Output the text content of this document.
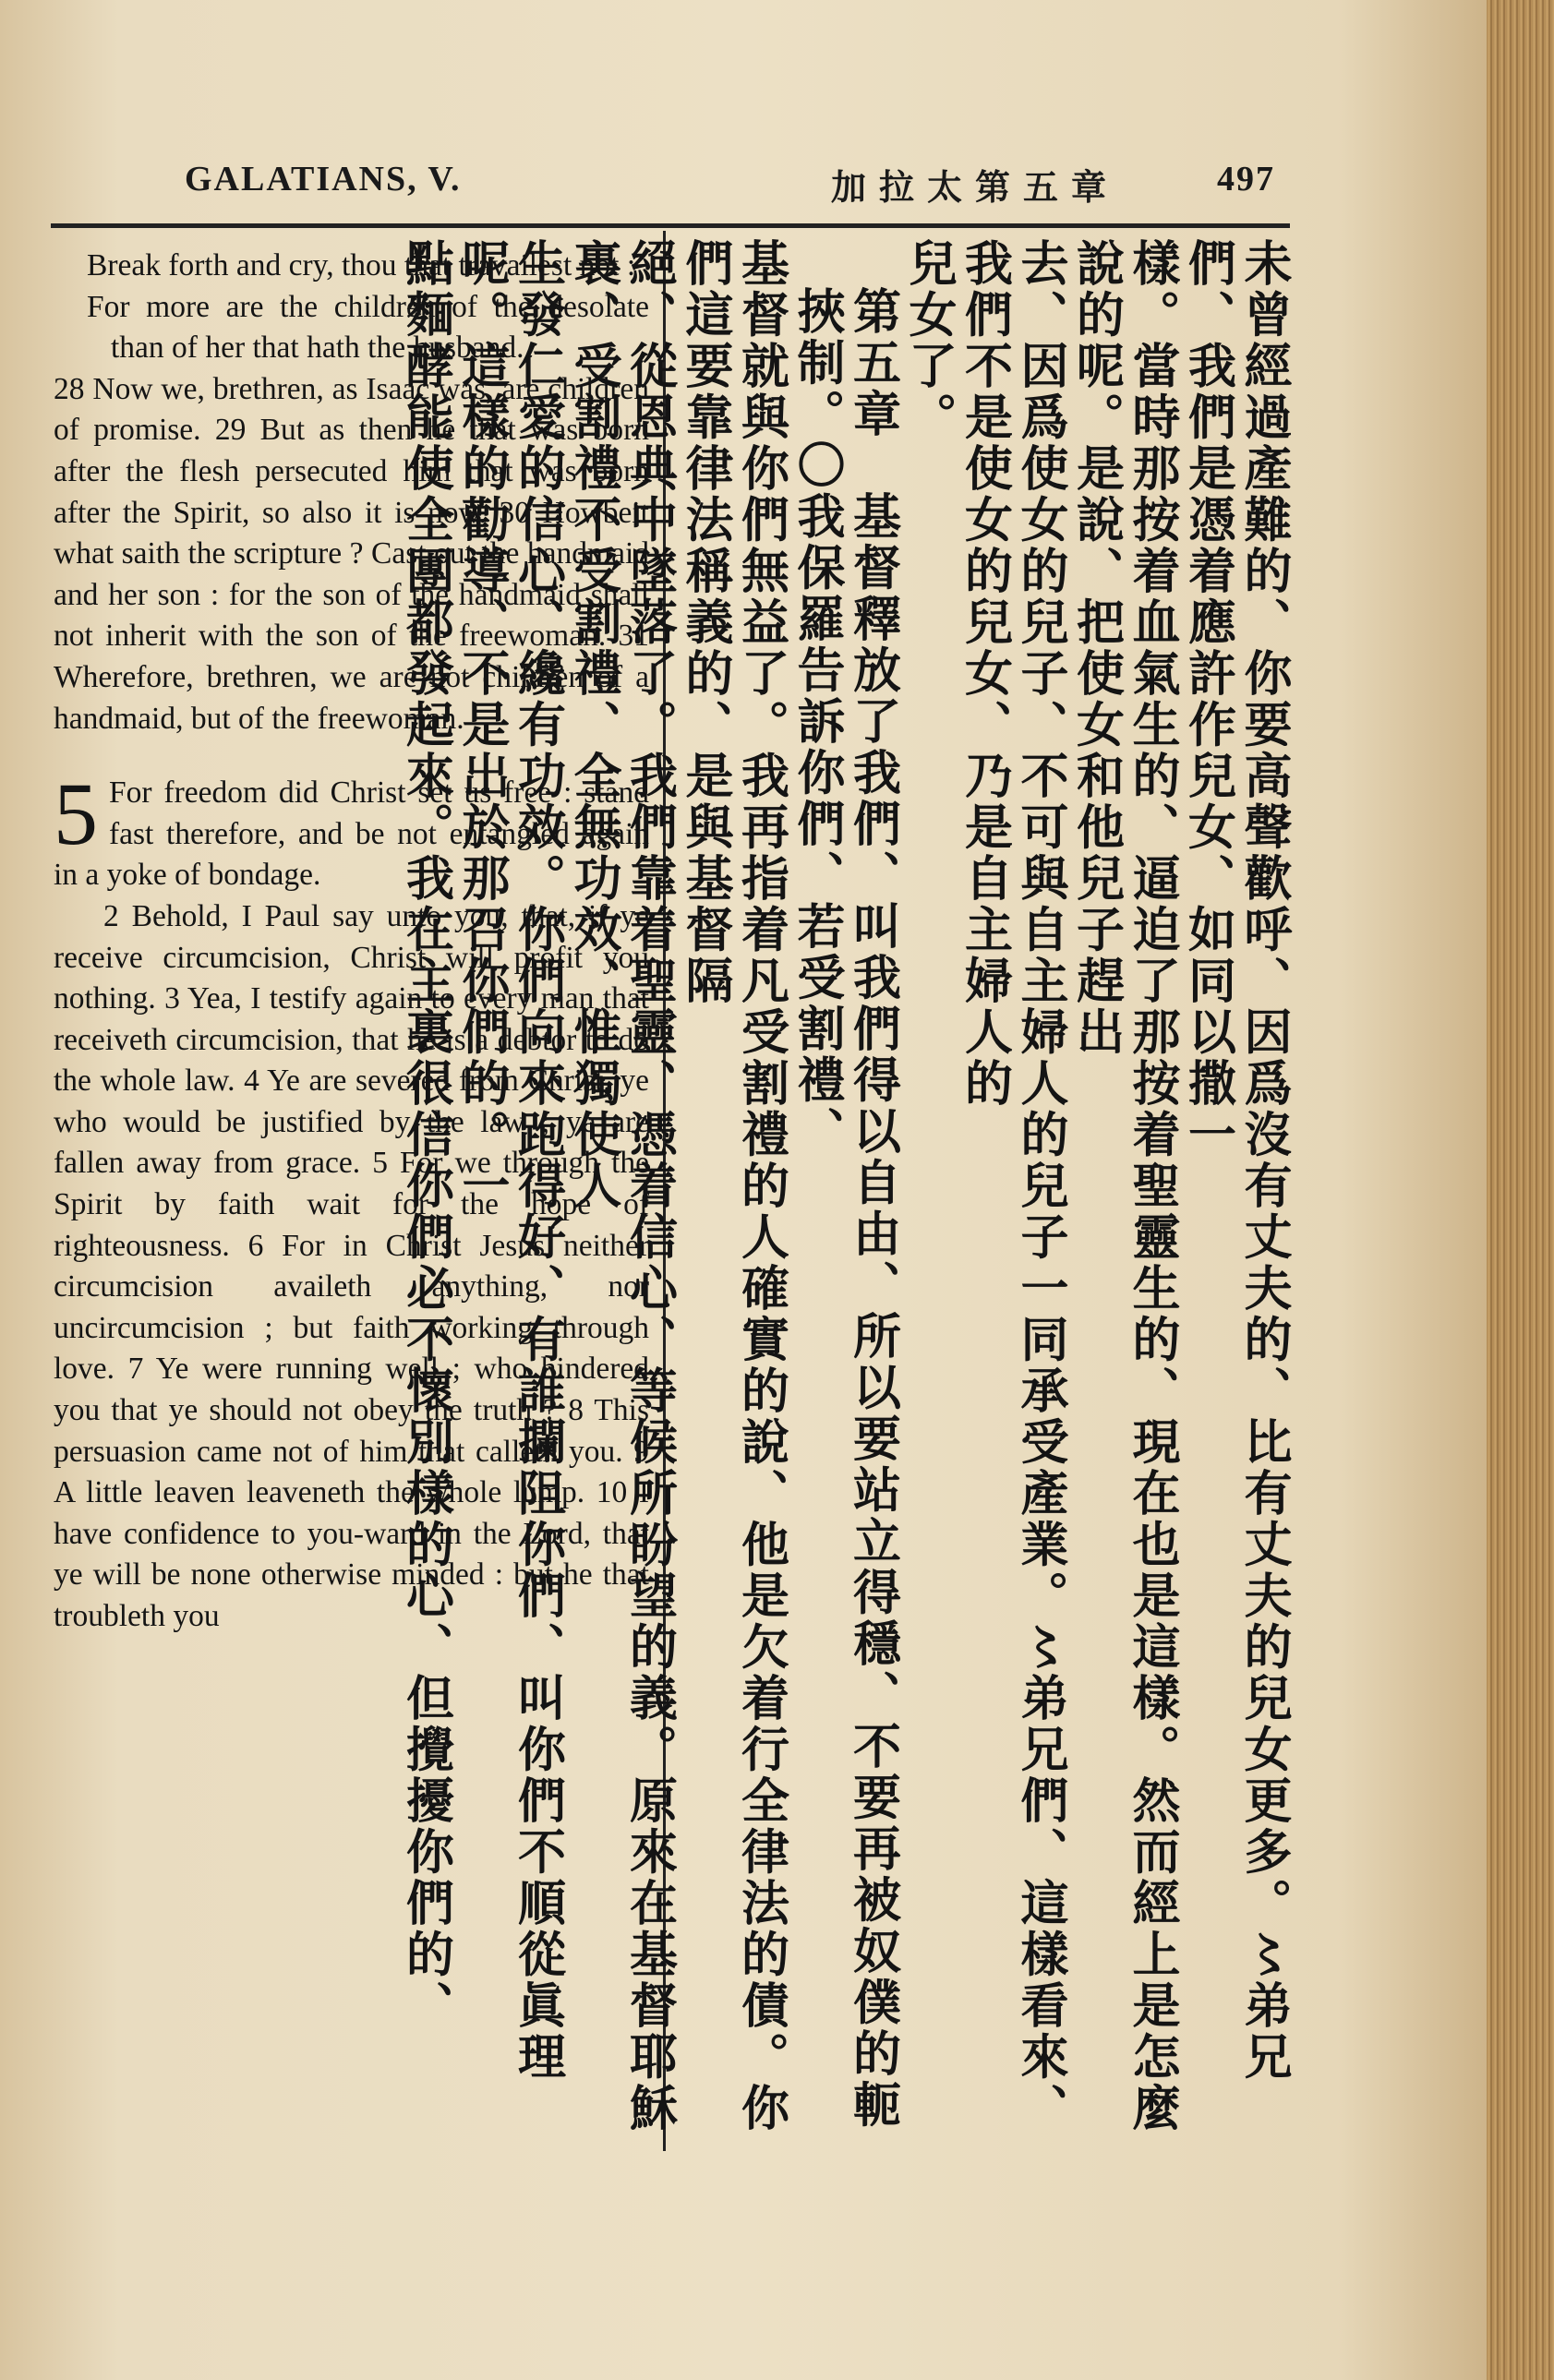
GALATIANS, V.	加拉太第五章	497

Break forth and cry, thou that travailest not :

For more are the children of the desolate than of her that hath the husband.

28 Now we, brethren, as Isaac was, are children of promise. 29 But as then he that was born after the flesh persecuted him that was born after the Spirit, so also it is now. 30 Howbeit what saith the scripture ? Cast out the handmaid and her son : for the son of the handmaid shall not inherit with the son of the freewoman. 31 Wherefore, brethren, we are not children of a handmaid, but of the freewoman.

5 For freedom did Christ set us free : stand fast therefore, and be not entangled again in a yoke of bondage.

2 Behold, I Paul say unto you, that, if ye receive circumcision, Christ will profit you nothing. 3 Yea, I testify again to every man that receiveth circumcision, that he is a debtor to do the whole law. 4 Ye are severed from Christ, ye who would be justified by the law ; ye are fallen away from grace. 5 For we through the Spirit by faith wait for the hope of righteousness. 6 For in Christ Jesus neither circumcision availeth anything, nor uncircumcision ; but faith working through love. 7 Ye were running well ; who hindered you that ye should not obey the truth ? 8 This persuasion came not of him that calleth you. 9 A little leaven leaveneth the whole lump. 10 I have confidence to you-ward in the Lord, that ye will be none otherwise minded : but he that troubleth you	未曾經過產難的、你要高聲歡呼、因爲沒有丈夫的、比有丈夫的兒女更多。〻弟兄們、我們是憑着應許作兒女、如同以撒一

樣。當時那按着血氣生的、逼迫了那按着聖靈生的、現在也是這樣。然而經上是怎麼說的呢。是說、把使女和他兒子趕出

去、因爲使女的兒子、不可與自主婦人的兒子一同承受產業。〻弟兄們、這樣看來、我們不是使女的兒女、乃是自主婦人的

兒女了。

第五章　基督釋放了我們、叫我們得以自由、所以要站立得穩、不要再被奴僕的軛挾制。〇我保羅告訴你們、若受割禮、

基督就與你們無益了。我再指着凡受割禮的人確實的說、他是欠着行全律法的債。你們這要靠律法稱義的、是與基督隔

絕、從恩典中墜落了。我們靠着聖靈、憑着信心、等候所盼望的義。原來在基督耶穌裏、受割禮不受割禮、全無功效、惟獨使人

生發仁愛的信心、纔有功效。你們向來跑得好、有誰攔阻你們、叫你們不順從眞理呢。這樣的勸導、不是出於那召你們的。一

點麵酵能使全團都發起來。我在主裏很信你們必不懷別樣的心、但攪擾你們的、
